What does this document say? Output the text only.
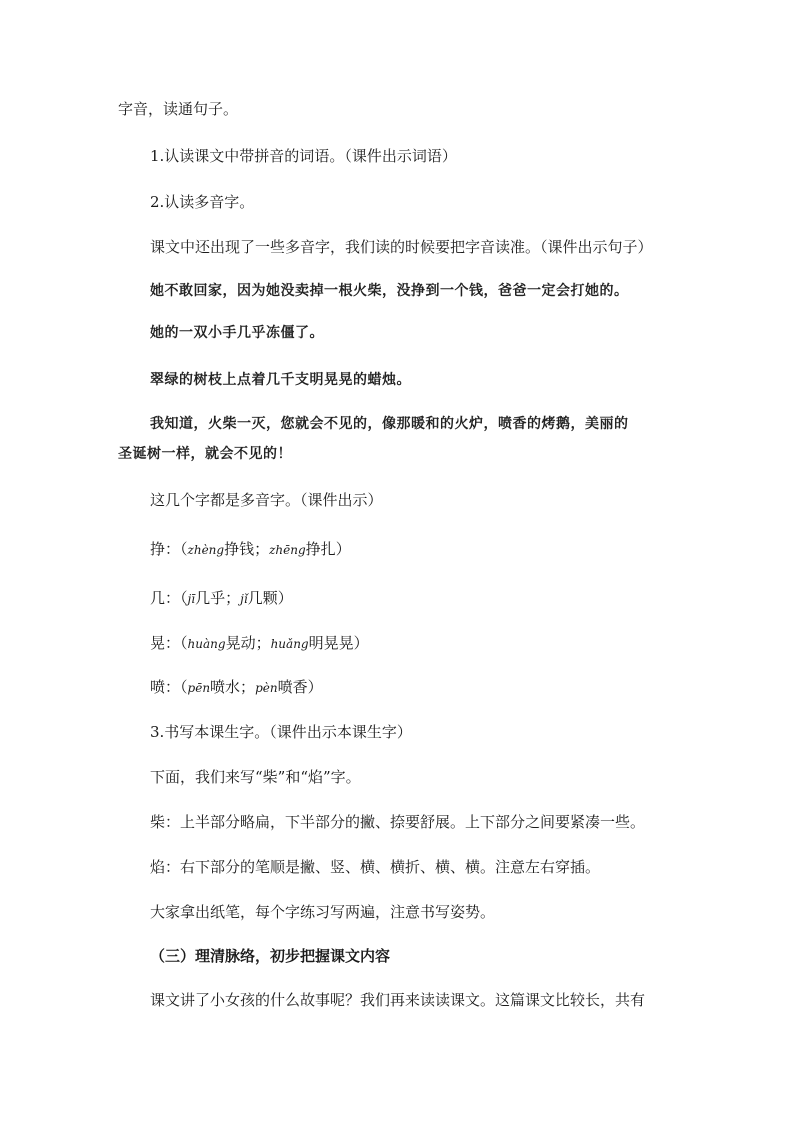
字音，读通句子。
1.认读课文中带拼音的词语。（课件出示词语）
2.认读多音字。
课文中还出现了一些多音字，我们读的时候要把字音读准。（课件出示句子）
她不敢回家，因为她没卖掉一根火柴，没挣到一个钱，爸爸一定会打她的。
她的一双小手几乎冻僵了。
翠绿的树枝上点着几千支明晃晃的蜡烛。
我知道，火柴一灭，您就会不见的，像那暖和的火炉，喷香的烤鹅，美丽的
圣诞树一样，就会不见的！
这几个字都是多音字。（课件出示）
挣：（zhèng挣钱；zhēng挣扎）
几：（jī几乎；jǐ几颗）
晃：（huàng晃动；huǎng明晃晃）
喷：（pēn喷水；pèn喷香）
3.书写本课生字。（课件出示本课生字）
下面，我们来写“柴”和“焰”字。
柴：上半部分略扁，下半部分的撇、捺要舒展。上下部分之间要紧凑一些。
焰：右下部分的笔顺是撇、竖、横、横折、横、横。注意左右穿插。
大家拿出纸笔，每个字练习写两遍，注意书写姿势。
（三）理清脉络，初步把握课文内容
课文讲了小女孩的什么故事呢？我们再来读读课文。这篇课文比较长，共有
